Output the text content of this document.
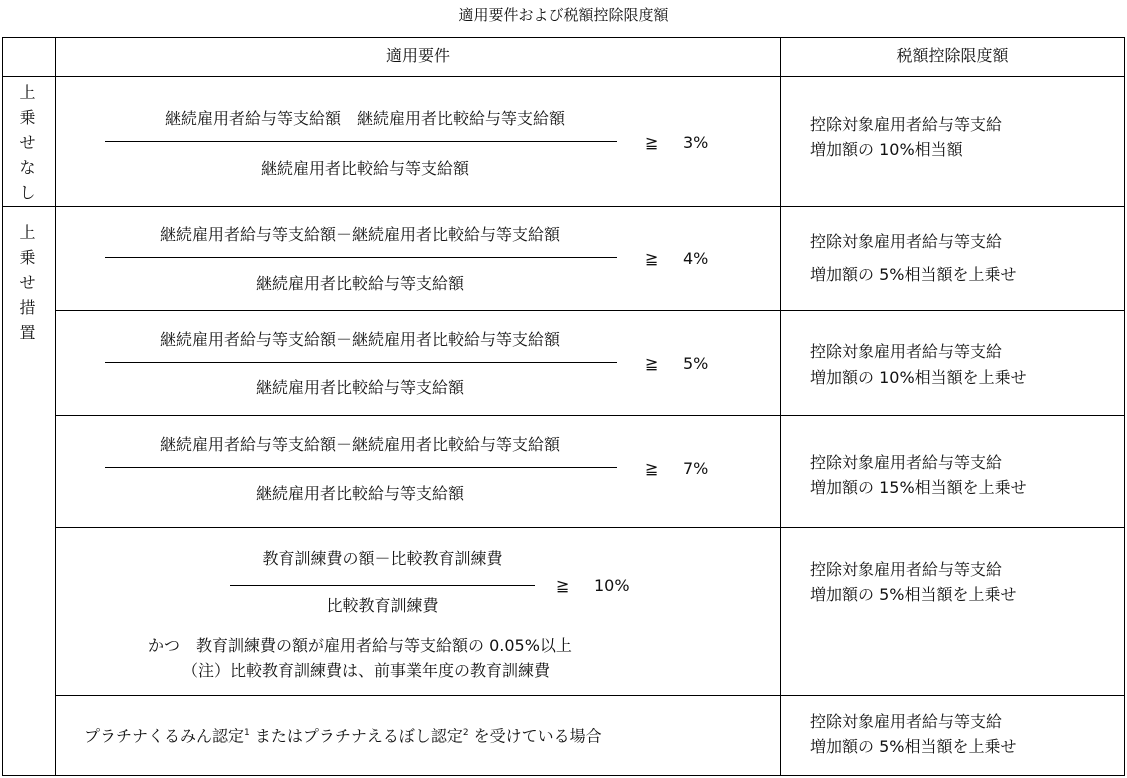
適用要件および税額控除限度額
適用要件	税額控除限度額
上
乗
せ
な
し
上
乗
せ
措
置
継続雇用者給与等支給額　継続雇用者比較給与等支給額
継続雇用者比較給与等支給額
≧ 3%
控除対象雇用者給与等支給
増加額の 10%相当額
継続雇用者給与等支給額－継続雇用者比較給与等支給額
継続雇用者比較給与等支給額
≧ 4%
控除対象雇用者給与等支給
増加額の 5%相当額を上乗せ
継続雇用者給与等支給額－継続雇用者比較給与等支給額
継続雇用者比較給与等支給額
≧ 5%
控除対象雇用者給与等支給
増加額の 10%相当額を上乗せ
継続雇用者給与等支給額－継続雇用者比較給与等支給額
継続雇用者比較給与等支給額
≧ 7%	控除対象雇用者給与等支給
増加額の 15%相当額を上乗せ
教育訓練費の額－比較教育訓練費
比較教育訓練費
≧ 10%
かつ　教育訓練費の額が雇用者給与等支給額の 0.05%以上
（注）比較教育訓練費は、前事業年度の教育訓練費
控除対象雇用者給与等支給
増加額の 5%相当額を上乗せ
プラチナくるみん認定$^1$ またはプラチナえるぼし認定$^2$ を受けている場合
控除対象雇用者給与等支給
増加額の 5%相当額を上乗せ
